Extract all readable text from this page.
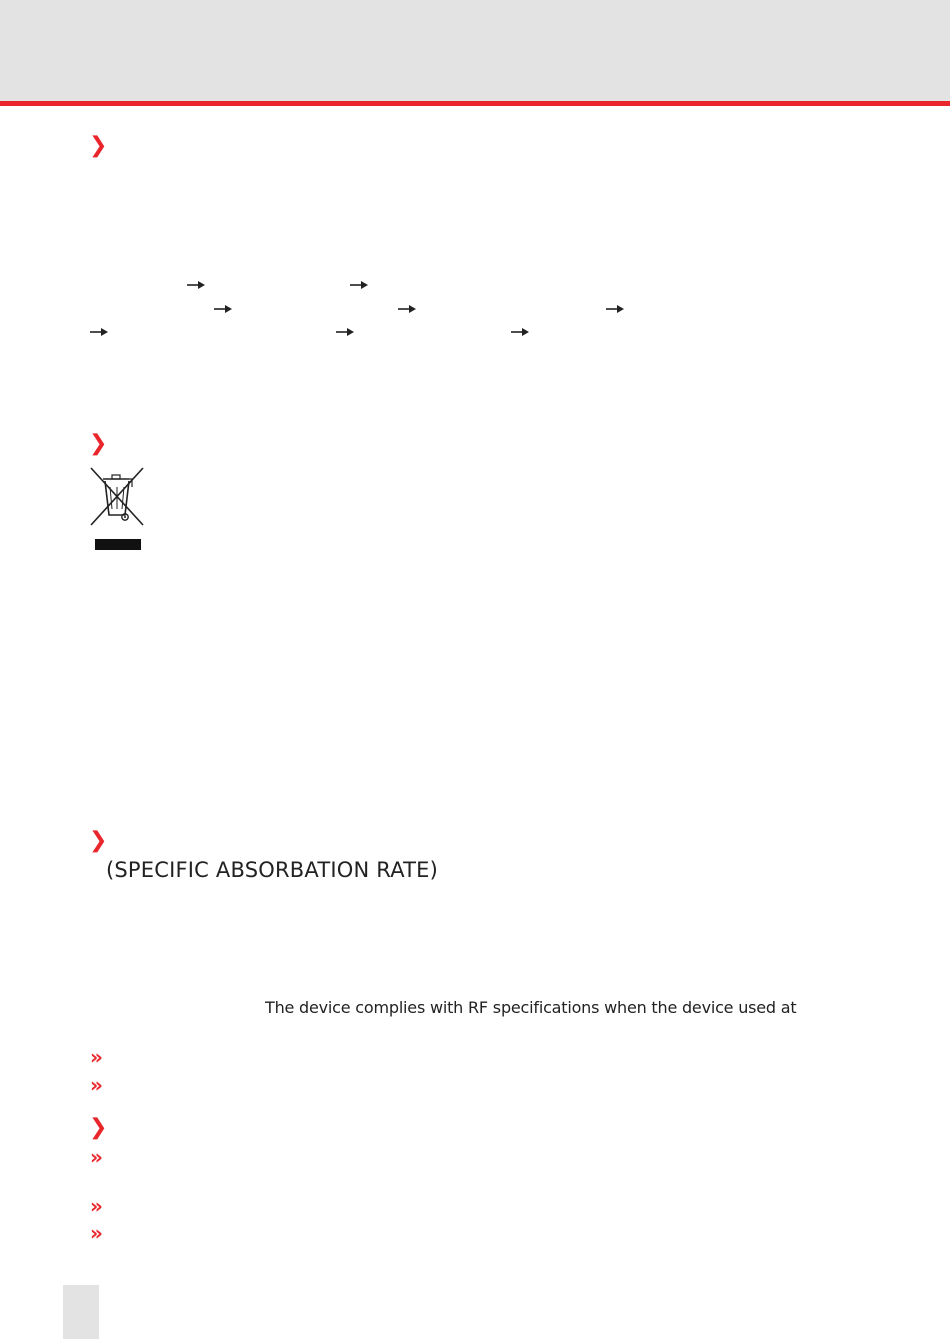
❯
❯
❯
❯
»
»
»
»
»
(SPECIFIC ABSORBATION RATE)
The device complies with RF specifications when the device used at
